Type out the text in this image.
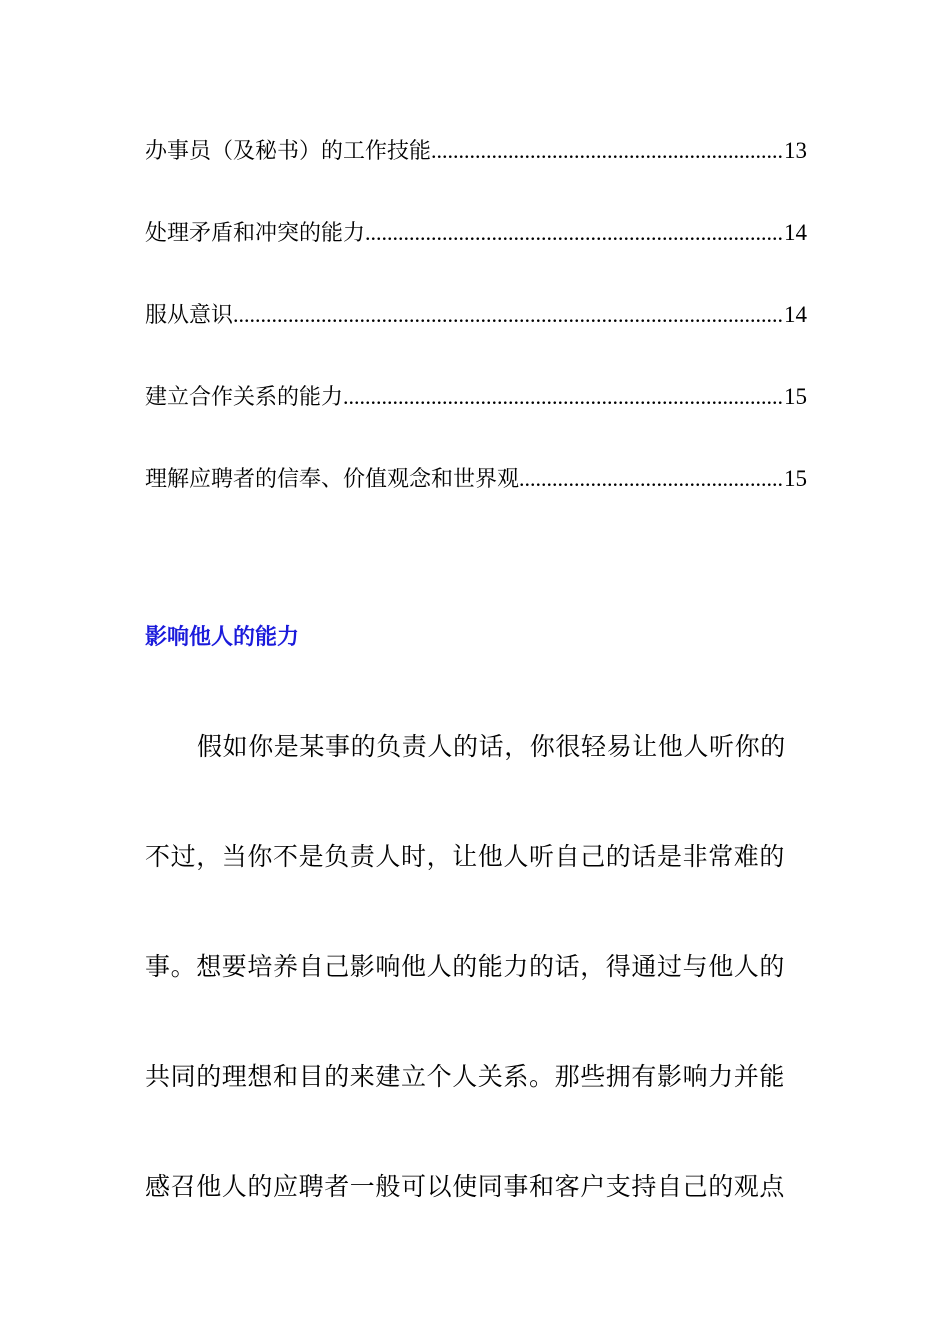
办事员（及秘书）的工作技能 .....	13
处理矛盾和冲突的能力 .....	14
服从意识 .....	14
建立合作关系的能力 .....	15
理解应聘者的信奉、价值观念和世界观 .....	15
影响他人的能力
假如你是某事的负责人的话，你很轻易让他人听你的
不过，当你不是负责人时，让他人听自己的话是非常难的
事。想要培养自己影响他人的能力的话，得通过与他人的
共同的理想和目的来建立个人关系。那些拥有影响力并能
感召他人的应聘者一般可以使同事和客户支持自己的观点
